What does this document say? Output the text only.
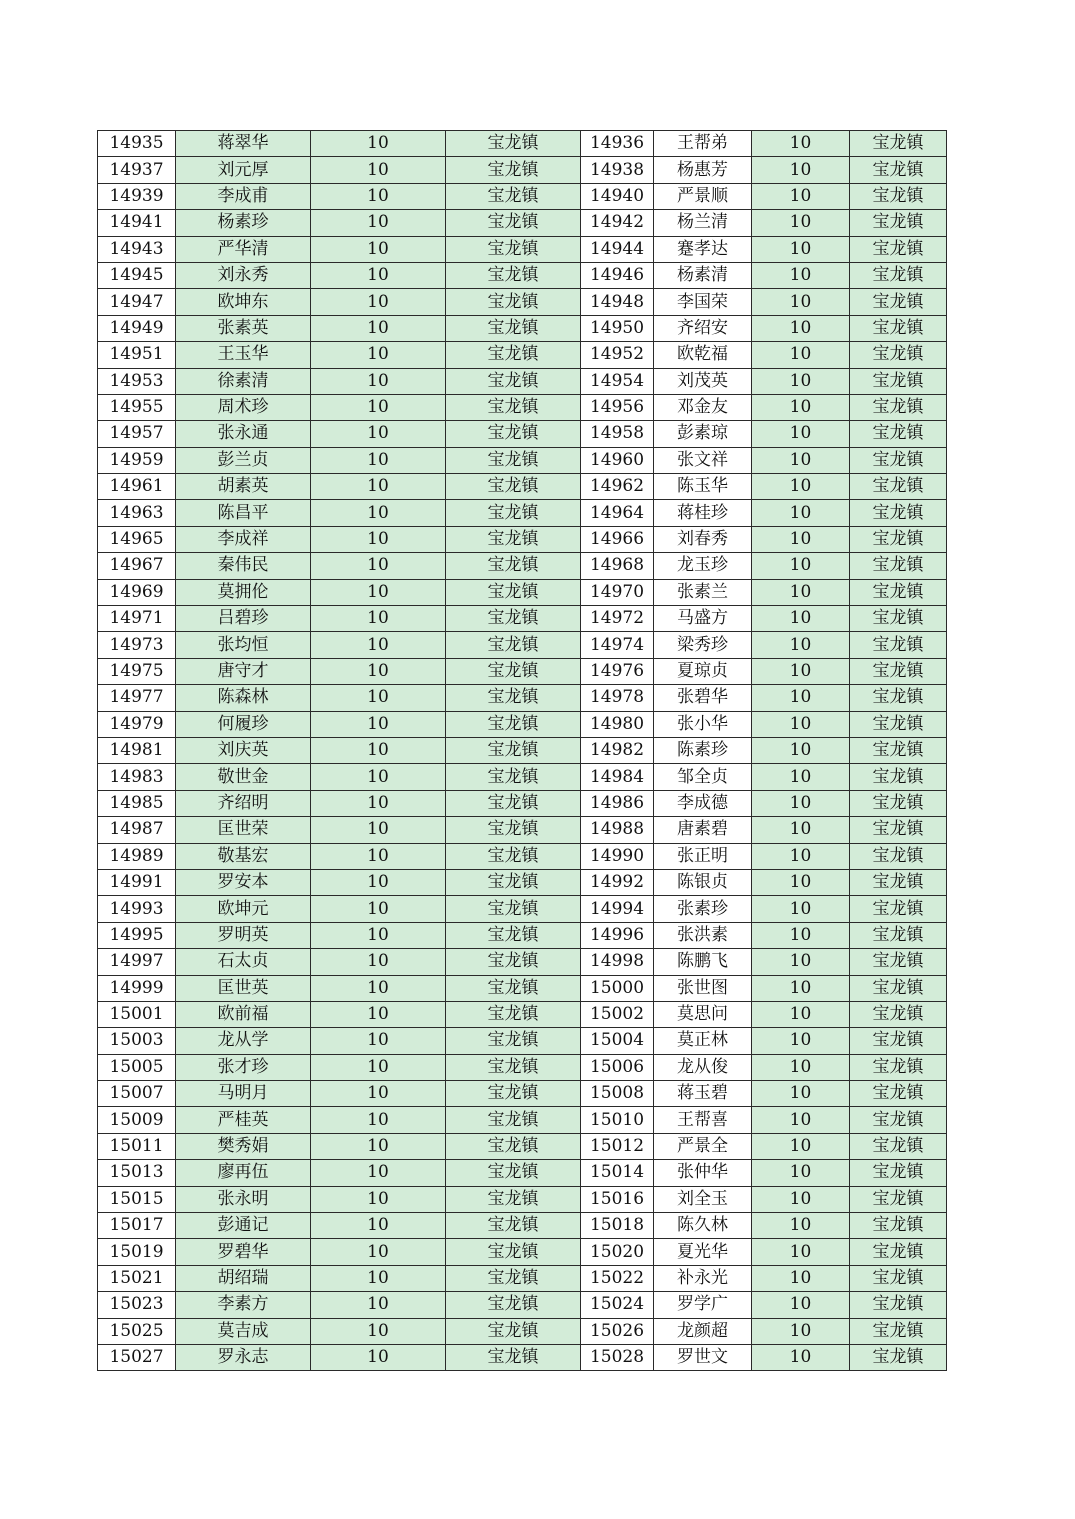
14935	蒋翠华	10	宝龙镇	14936	王帮弟	10	宝龙镇
14937	刘元厚	10	宝龙镇	14938	杨惠芳	10	宝龙镇
14939	李成甫	10	宝龙镇	14940	严景顺	10	宝龙镇
14941	杨素珍	10	宝龙镇	14942	杨兰清	10	宝龙镇
14943	严华清	10	宝龙镇	14944	蹇孝达	10	宝龙镇
14945	刘永秀	10	宝龙镇	14946	杨素清	10	宝龙镇
14947	欧坤东	10	宝龙镇	14948	李国荣	10	宝龙镇
14949	张素英	10	宝龙镇	14950	齐绍安	10	宝龙镇
14951	王玉华	10	宝龙镇	14952	欧乾福	10	宝龙镇
14953	徐素清	10	宝龙镇	14954	刘茂英	10	宝龙镇
14955	周术珍	10	宝龙镇	14956	邓金友	10	宝龙镇
14957	张永通	10	宝龙镇	14958	彭素琼	10	宝龙镇
14959	彭兰贞	10	宝龙镇	14960	张文祥	10	宝龙镇
14961	胡素英	10	宝龙镇	14962	陈玉华	10	宝龙镇
14963	陈昌平	10	宝龙镇	14964	蒋桂珍	10	宝龙镇
14965	李成祥	10	宝龙镇	14966	刘春秀	10	宝龙镇
14967	秦伟民	10	宝龙镇	14968	龙玉珍	10	宝龙镇
14969	莫拥伦	10	宝龙镇	14970	张素兰	10	宝龙镇
14971	吕碧珍	10	宝龙镇	14972	马盛方	10	宝龙镇
14973	张均恒	10	宝龙镇	14974	梁秀珍	10	宝龙镇
14975	唐守才	10	宝龙镇	14976	夏琼贞	10	宝龙镇
14977	陈森林	10	宝龙镇	14978	张碧华	10	宝龙镇
14979	何履珍	10	宝龙镇	14980	张小华	10	宝龙镇
14981	刘庆英	10	宝龙镇	14982	陈素珍	10	宝龙镇
14983	敬世金	10	宝龙镇	14984	邹全贞	10	宝龙镇
14985	齐绍明	10	宝龙镇	14986	李成德	10	宝龙镇
14987	匡世荣	10	宝龙镇	14988	唐素碧	10	宝龙镇
14989	敬基宏	10	宝龙镇	14990	张正明	10	宝龙镇
14991	罗安本	10	宝龙镇	14992	陈银贞	10	宝龙镇
14993	欧坤元	10	宝龙镇	14994	张素珍	10	宝龙镇
14995	罗明英	10	宝龙镇	14996	张洪素	10	宝龙镇
14997	石太贞	10	宝龙镇	14998	陈鹏飞	10	宝龙镇
14999	匡世英	10	宝龙镇	15000	张世图	10	宝龙镇
15001	欧前福	10	宝龙镇	15002	莫思问	10	宝龙镇
15003	龙从学	10	宝龙镇	15004	莫正林	10	宝龙镇
15005	张才珍	10	宝龙镇	15006	龙从俊	10	宝龙镇
15007	马明月	10	宝龙镇	15008	蒋玉碧	10	宝龙镇
15009	严桂英	10	宝龙镇	15010	王帮喜	10	宝龙镇
15011	樊秀娟	10	宝龙镇	15012	严景全	10	宝龙镇
15013	廖再伍	10	宝龙镇	15014	张仲华	10	宝龙镇
15015	张永明	10	宝龙镇	15016	刘全玉	10	宝龙镇
15017	彭通记	10	宝龙镇	15018	陈久林	10	宝龙镇
15019	罗碧华	10	宝龙镇	15020	夏光华	10	宝龙镇
15021	胡绍瑞	10	宝龙镇	15022	补永光	10	宝龙镇
15023	李素方	10	宝龙镇	15024	罗学广	10	宝龙镇
15025	莫吉成	10	宝龙镇	15026	龙颜超	10	宝龙镇
15027	罗永志	10	宝龙镇	15028	罗世文	10	宝龙镇
